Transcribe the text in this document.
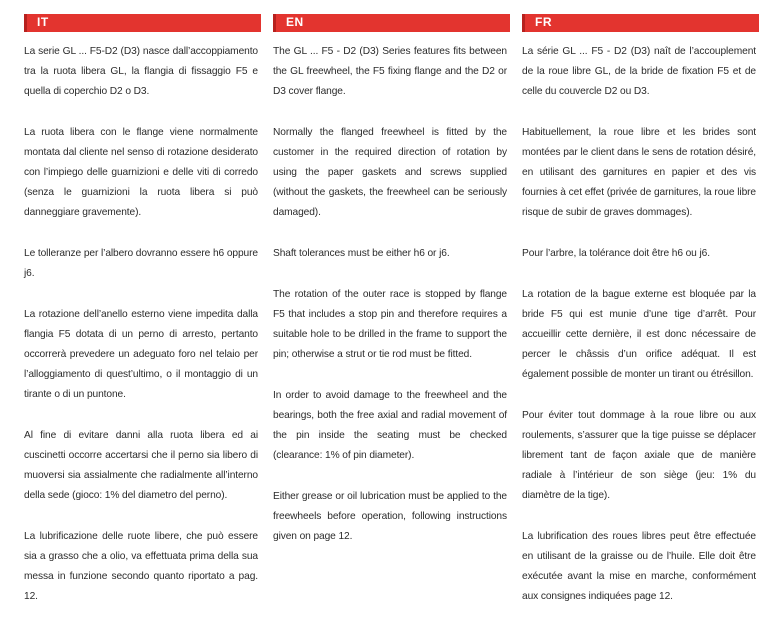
IT

La serie GL ... F5-D2 (D3) nasce dall’accoppiamento tra la ruota libera GL, la flangia di fissaggio F5 e quella di coperchio D2 o D3.

La ruota libera con le flange viene normalmente montata dal cliente nel senso di rotazione desiderato con l’impiego delle guarnizioni e delle viti di corredo (senza le guarnizioni la ruota libera si può danneggiare gravemente).

Le tolleranze per l’albero dovranno essere h6 oppure j6.

La rotazione dell’anello esterno viene impedita dalla flangia F5 dotata di un perno di arresto, pertanto occorrerà prevedere un adeguato foro nel telaio per l’alloggiamento di quest’ultimo, o il montaggio di un tirante o di un puntone.

Al fine di evitare danni alla ruota libera ed ai cuscinetti occorre accertarsi che il perno sia libero di muoversi sia assialmente che radialmente all’interno della sede (gioco: 1% del diametro del perno).

La lubrificazione delle ruote libere, che può essere sia a grasso che a olio, va effettuata prima della sua messa in funzione secondo quanto riportato a pag. 12.

EN

The GL ... F5 - D2 (D3) Series features fits between the GL freewheel, the F5 fixing flange and the D2 or D3 cover flange.

Normally the flanged freewheel is fitted by the customer in the required direction of rotation by using the paper gaskets and screws supplied (without the gaskets, the freewheel can be seriously damaged).

Shaft tolerances must be either h6 or j6.

The rotation of the outer race is stopped by flange F5 that includes a stop pin and therefore requires a suitable hole to be drilled in the frame to support the pin; otherwise a strut or tie rod must be fitted.

In order to avoid damage to the freewheel and the bearings, both the free axial and radial movement of the pin inside the seating must be checked (clearance: 1% of pin diameter).

Either grease or oil lubrication must be applied to the freewheels before operation, following instructions given on page 12.

FR

La série GL ... F5 - D2 (D3) naît de l’accouplement de la roue libre GL, de la bride de fixation F5 et de celle du couvercle D2 ou D3.

Habituellement, la roue libre et les brides sont montées par le client dans le sens de rotation désiré, en utilisant des garnitures en papier et des vis fournies à cet effet (privée de garnitures, la roue libre risque de subir de graves dommages).

Pour l’arbre, la tolérance doit être h6 ou j6.

La rotation de la bague externe est bloquée par la bride F5 qui est munie d’une tige d’arrêt. Pour accueillir cette dernière, il est donc nécessaire de percer le châssis d’un orifice adéquat. Il est également possible de monter un tirant ou étrésillon.

Pour éviter tout dommage à la roue libre ou aux roulements, s’assurer que la tige puisse se déplacer librement tant de façon axiale que de manière radiale à l’intérieur de son siège (jeu: 1% du diamètre de la tige).

La lubrification des roues libres peut être effectuée en utilisant de la graisse ou de l’huile. Elle doit être exécutée avant la mise en marche, conformément aux consignes indiquées page 12.
